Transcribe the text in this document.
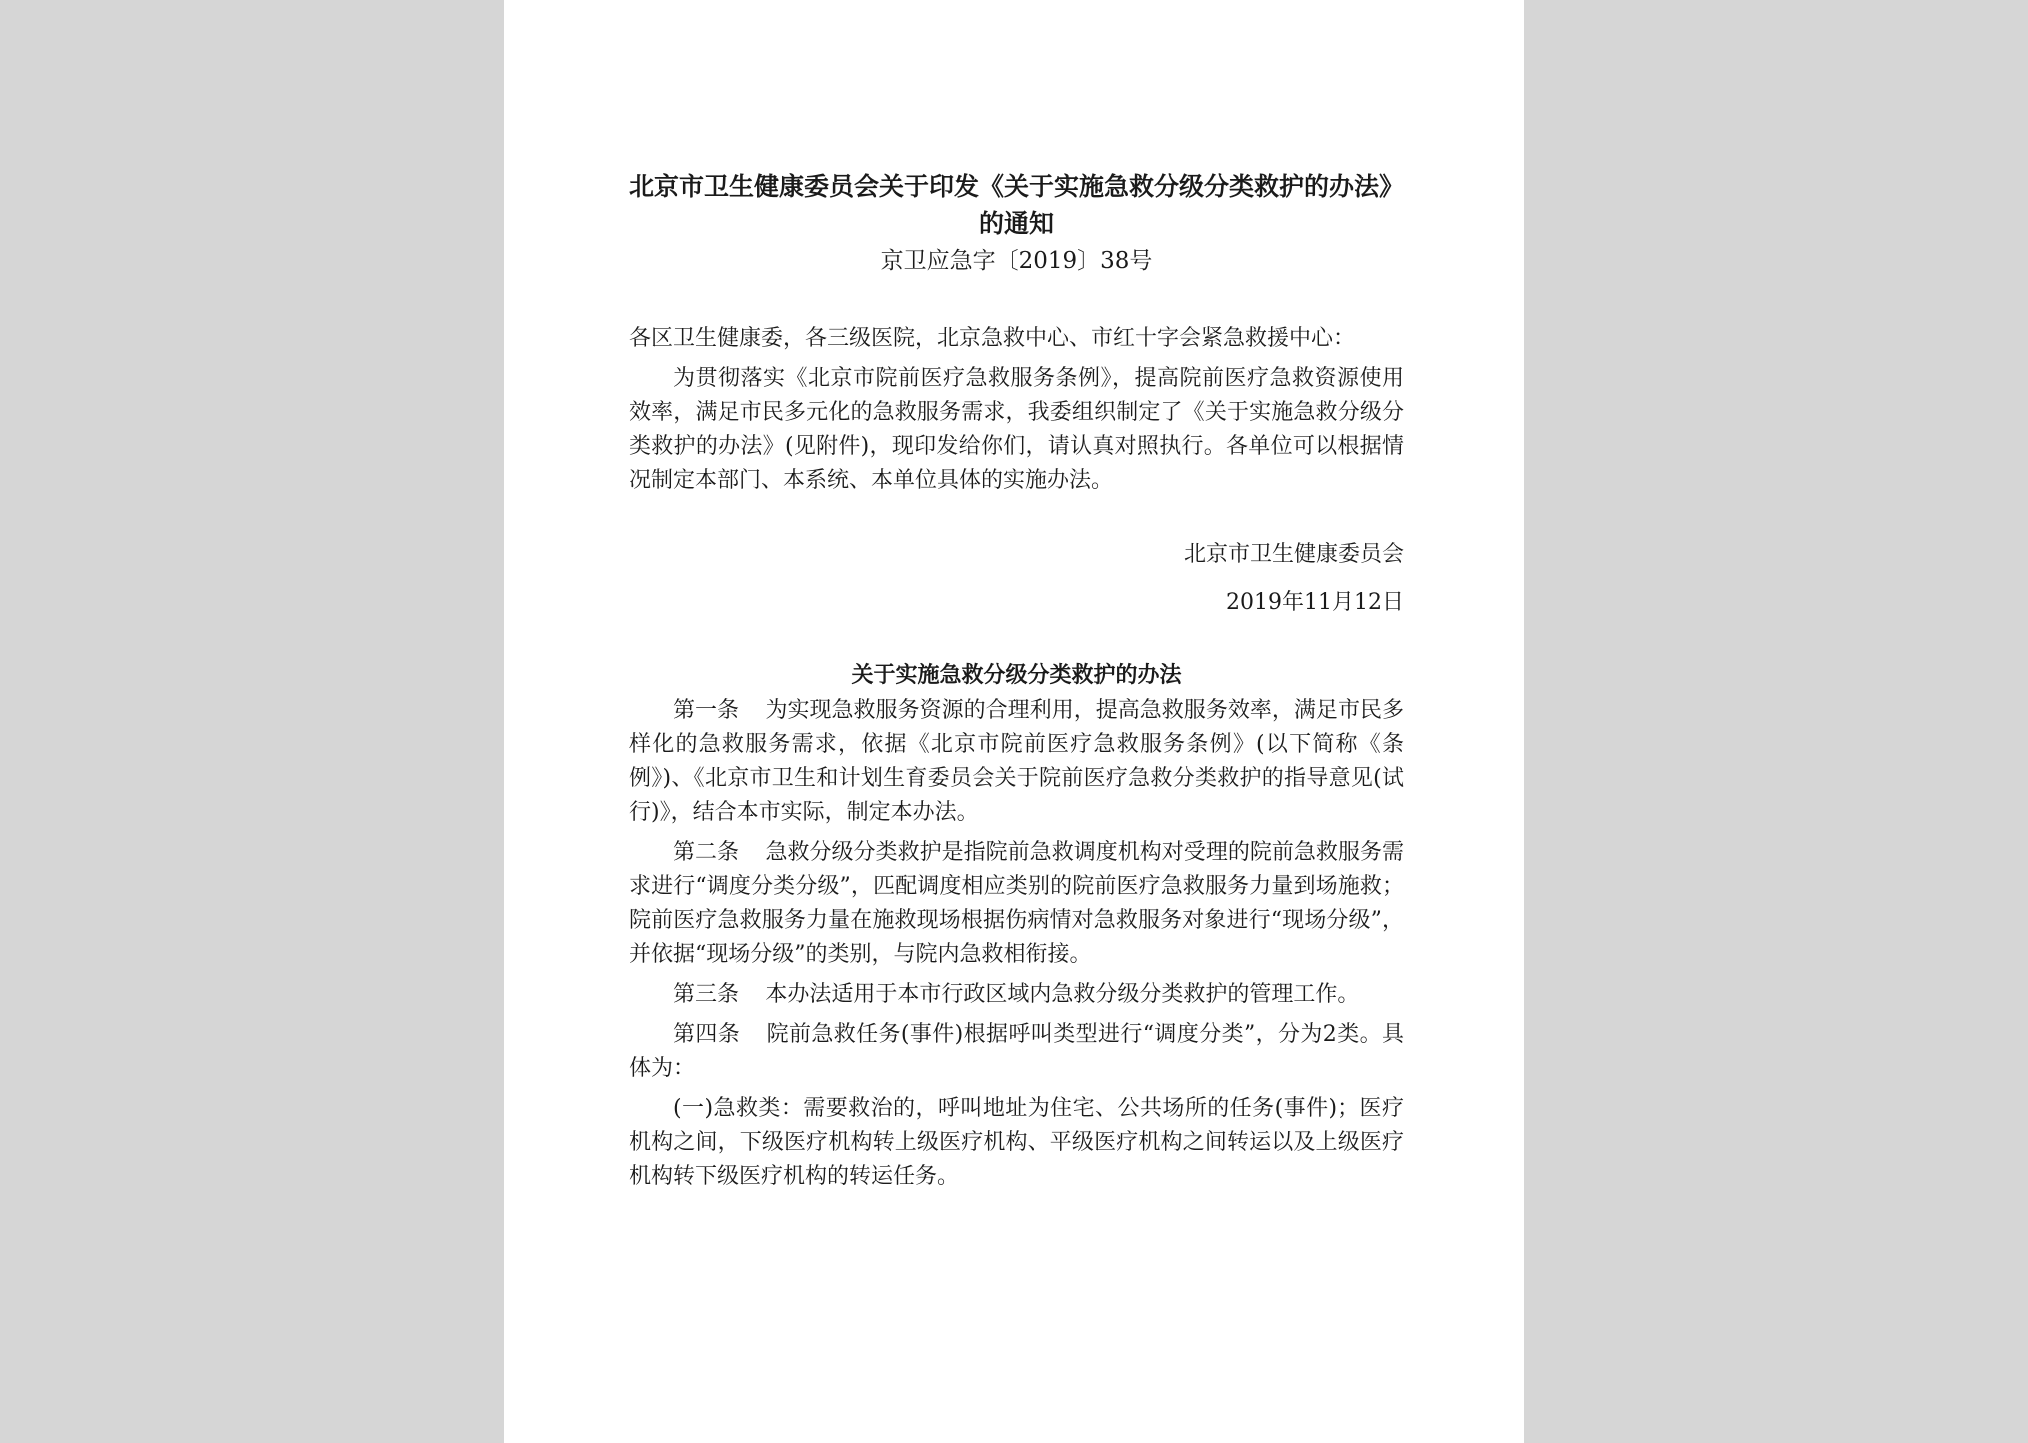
北京市卫生健康委员会关于印发《关于实施急救分级分类救护的办法》的通知
京卫应急字〔2019〕38号
各区卫生健康委，各三级医院，北京急救中心、市红十字会紧急救援中心：
为贯彻落实《北京市院前医疗急救服务条例》，提高院前医疗急救资源使用效率，满足市民多元化的急救服务需求，我委组织制定了《关于实施急救分级分类救护的办法》(见附件)，现印发给你们，请认真对照执行。各单位可以根据情况制定本部门、本系统、本单位具体的实施办法。
北京市卫生健康委员会
2019年11月12日
关于实施急救分级分类救护的办法
第一条 为实现急救服务资源的合理利用，提高急救服务效率，满足市民多样化的急救服务需求，依据《北京市院前医疗急救服务条例》(以下简称《条例》)、《北京市卫生和计划生育委员会关于院前医疗急救分类救护的指导意见(试行)》，结合本市实际，制定本办法。
第二条 急救分级分类救护是指院前急救调度机构对受理的院前急救服务需求进行“调度分类分级”，匹配调度相应类别的院前医疗急救服务力量到场施救；院前医疗急救服务力量在施救现场根据伤病情对急救服务对象进行“现场分级”，并依据“现场分级”的类别，与院内急救相衔接。
第三条 本办法适用于本市行政区域内急救分级分类救护的管理工作。
第四条 院前急救任务(事件)根据呼叫类型进行“调度分类”，分为2类。具体为：
(一)急救类：需要救治的，呼叫地址为住宅、公共场所的任务(事件)；医疗机构之间，下级医疗机构转上级医疗机构、平级医疗机构之间转运以及上级医疗机构转下级医疗机构的转运任务。
